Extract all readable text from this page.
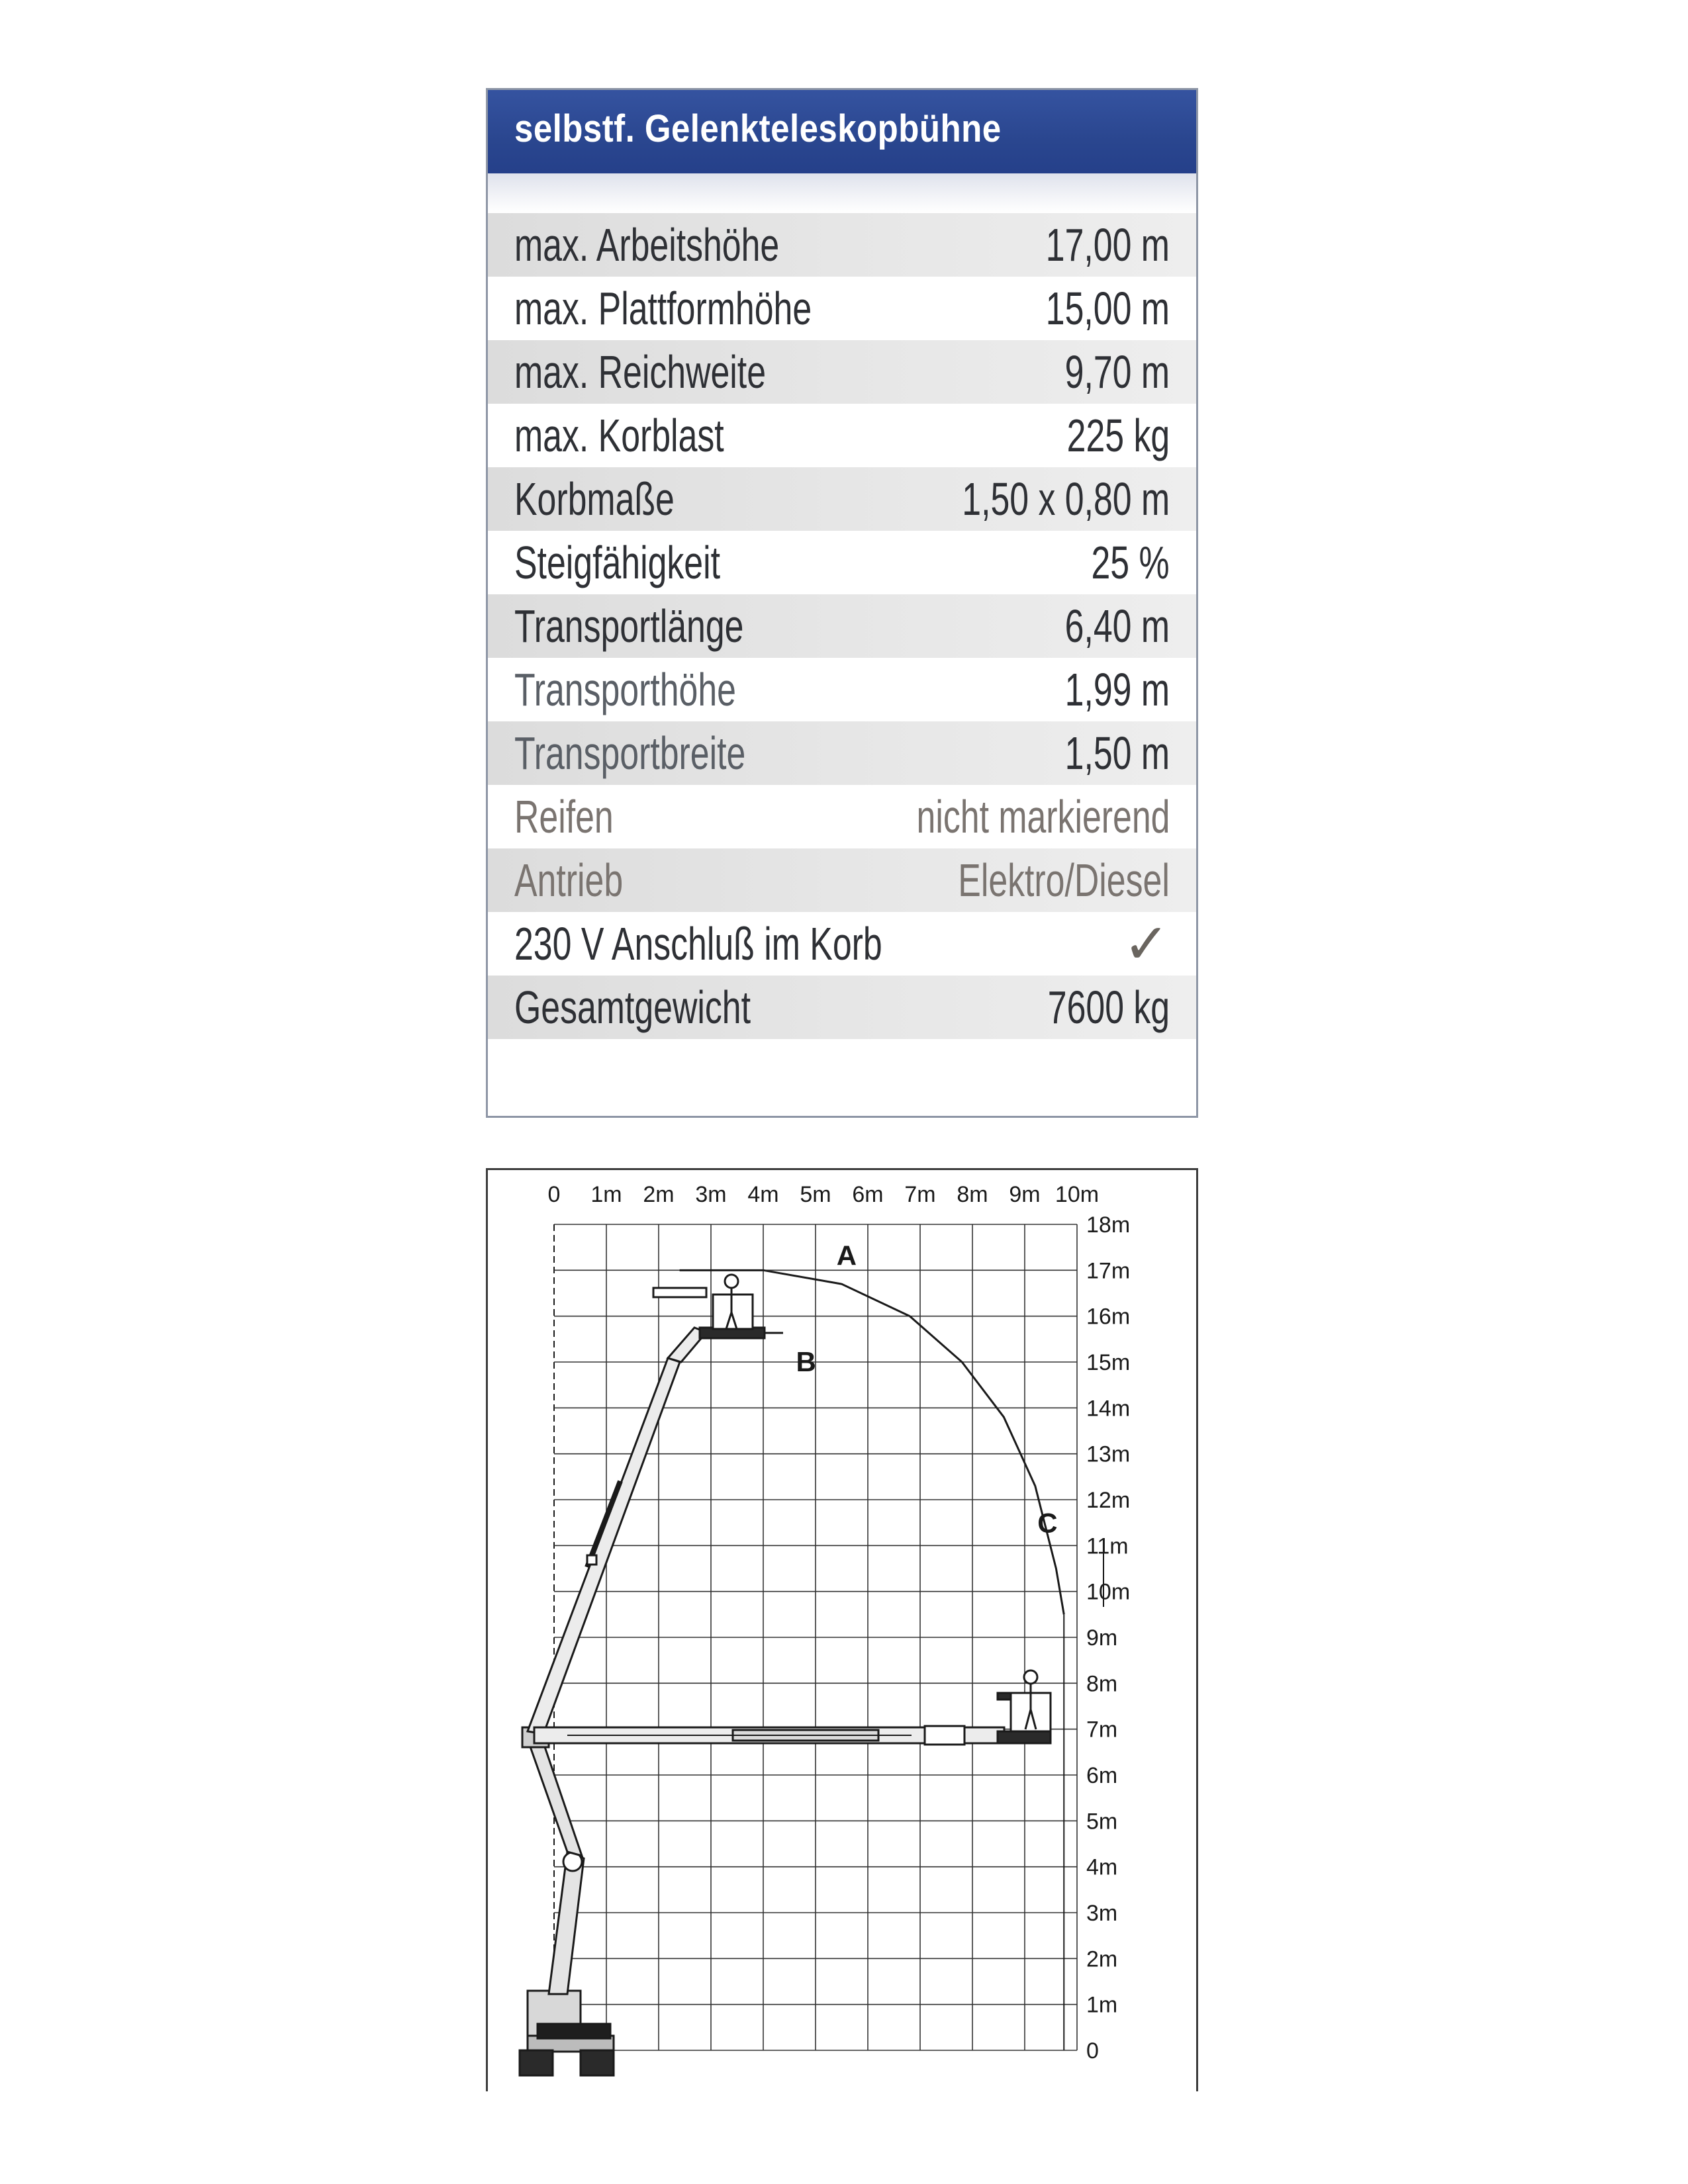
selbstf. Gelenkteleskopbühne
max. Arbeitshöhe	17,00 m
max. Plattformhöhe	15,00 m
max. Reichweite	9,70 m
max. Korblast	225 kg
Korbmaße	1,50 x 0,80 m
Steigfähigkeit	25 %
Transportlänge	6,40 m
Transporthöhe	1,99 m
Transportbreite	1,50 m
Reifen	nicht markierend
Antrieb	Elektro/Diesel
230 V Anschluß im Korb	✓
Gesamtgewicht	7600 kg
0 1m 2m 3m 4m 5m 6m 7m 8m 9m 10m
0
1m
2m
3m
4m
5m
6m
7m
8m
9m
10m
11m
12m
13m
14m
15m
16m
17m
18m
A
B
C
